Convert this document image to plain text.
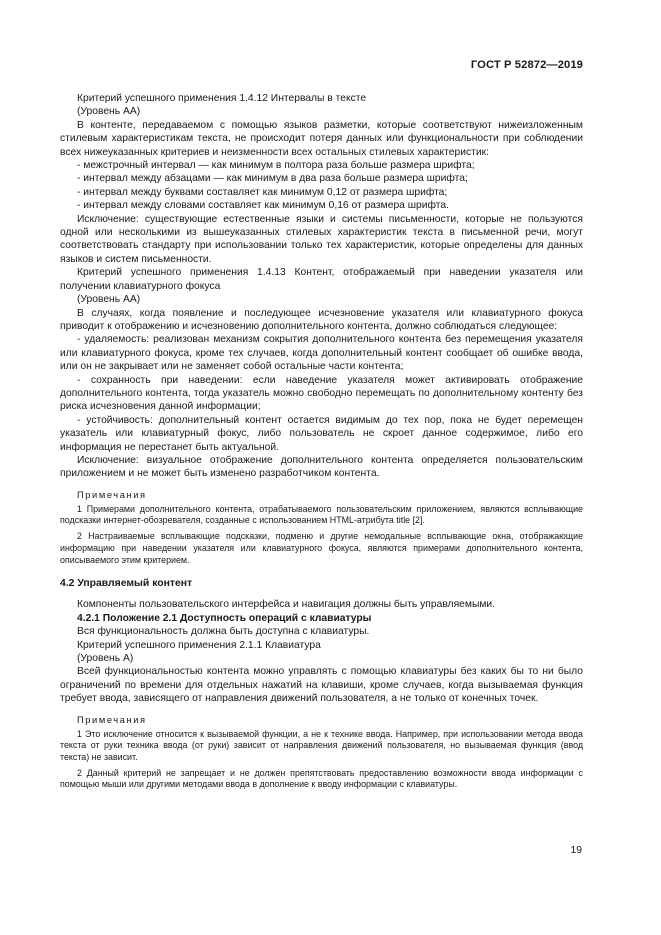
ГОСТ Р 52872—2019

Критерий успешного применения 1.4.12 Интервалы в тексте

(Уровень АА)

В контенте, передаваемом с помощью языков разметки, которые соответствуют нижеизложенным стилевым характеристикам текста, не происходит потеря данных или функциональности при соблюдении всех нижеуказанных критериев и неизменности всех остальных стилевых характеристик:

- межстрочный интервал — как минимум в полтора раза больше размера шрифта;

- интервал между абзацами — как минимум в два раза больше размера шрифта;

- интервал между буквами составляет как минимум 0,12 от размера шрифта;

- интервал между словами составляет как минимум 0,16 от размера шрифта.

Исключение: существующие естественные языки и системы письменности, которые не пользуются одной или несколькими из вышеуказанных стилевых характеристик текста в письменной речи, могут соответствовать стандарту при использовании только тех характеристик, которые определены для данных языков и систем письменности.

Критерий успешного применения 1.4.13 Контент, отображаемый при наведении указателя или получении клавиатурного фокуса

(Уровень АА)

В случаях, когда появление и последующее исчезновение указателя или клавиатурного фокуса приводит к отображению и исчезновению дополнительного контента, должно соблюдаться следующее:

- удаляемость: реализован механизм сокрытия дополнительного контента без перемещения указателя или клавиатурного фокуса, кроме тех случаев, когда дополнительный контент сообщает об ошибке ввода, или он не закрывает или не заменяет собой остальные части контента;

- сохранность при наведении: если наведение указателя может активировать отображение дополнительного контента, тогда указатель можно свободно перемещать по дополнительному контенту без риска исчезновения данной информации;

- устойчивость: дополнительный контент остается видимым до тех пор, пока не будет перемещен указатель или клавиатурный фокус, либо пользователь не скроет данное содержимое, либо его информация не перестанет быть актуальной.

Исключение: визуальное отображение дополнительного контента определяется пользовательским приложением и не может быть изменено разработчиком контента.

Примечания

1 Примерами дополнительного контента, отрабатываемого пользовательским приложением, являются всплывающие подсказки интернет-обозревателя, созданные с использованием HTML-атрибута title [2].

2 Настраиваемые всплывающие подсказки, подменю и другие немодальные всплывающие окна, отображающие информацию при наведении указателя или клавиатурного фокуса, являются примерами дополнительного контента, описываемого этим критерием.

4.2 Управляемый контент

Компоненты пользовательского интерфейса и навигация должны быть управляемыми.

4.2.1 Положение 2.1 Доступность операций с клавиатуры

Вся функциональность должна быть доступна с клавиатуры.

Критерий успешного применения 2.1.1 Клавиатура

(Уровень А)

Всей функциональностью контента можно управлять с помощью клавиатуры без каких бы то ни было ограничений по времени для отдельных нажатий на клавиши, кроме случаев, когда вызываемая функция требует ввода, зависящего от направления движений пользователя, а не только от конечных точек.

Примечания

1 Это исключение относится к вызываемой функции, а не к технике ввода. Например, при использовании метода ввода текста от руки техника ввода (от руки) зависит от направления движений пользователя, но вызываемая функция (ввод текста) не зависит.

2 Данный критерий не запрещает и не должен препятствовать предоставлению возможности ввода информации с помощью мыши или другими методами ввода в дополнение к вводу информации с клавиатуры.

19
